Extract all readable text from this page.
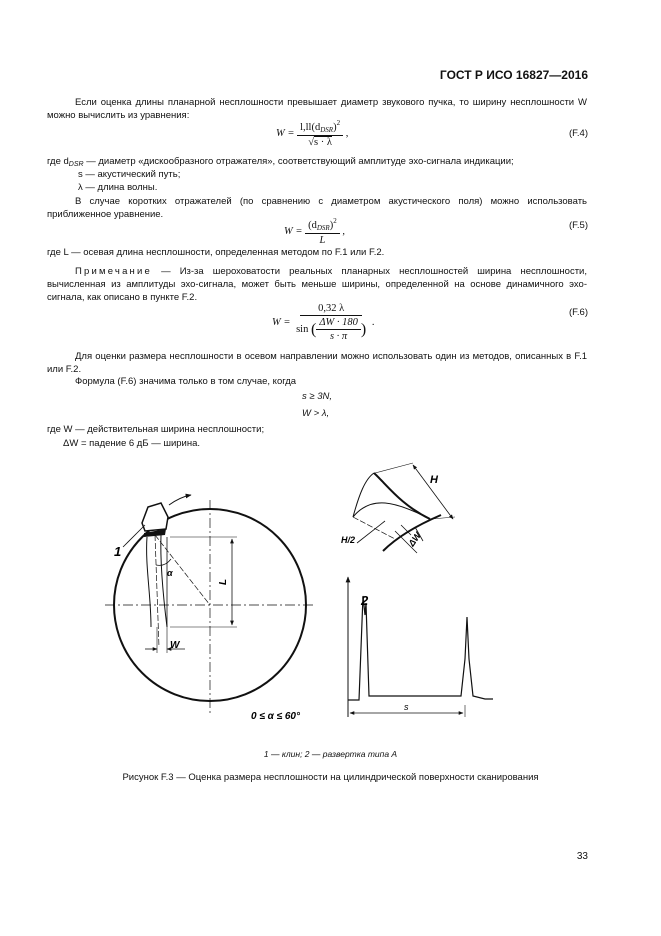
ГОСТ Р ИСО 16827—2016
Если оценка длины планарной несплошности превышает диаметр звукового пучка, то ширину несплошности W можно вычислить из уравнения:
$W = \frac{l,ll(d_{DSR})^2}{√s \cdot \lambda}$ ,	(F.4)
где $d_{DSR}$ — диаметр «дискообразного отражателя», соответствующий амплитуде эхо-сигнала индикации;
s — акустический путь;
λ — длина волны.
В случае коротких отражателей (по сравнению с диаметром акустического поля) можно использовать приближенное уравнение.
$W = \frac{(d_{DSR})^2}{L}$ ,
(F.5)
где L — осевая длина несплошности, определенная методом по F.1 или F.2.
Примечание — Из-за шероховатости реальных планарных несплошностей ширина несплошности, вычисленная из амплитуды эхо-сигнала, может быть меньше ширины, определенной на основе динамичного эхо-сигнала, как описано в пункте F.2.
$W = \frac{0,32 \lambda}{\sin ( \frac{\Delta W \cdot 180}{s \cdot \pi} )}$ .
(F.6)
Для оценки размера несплошности в осевом направлении можно использовать один из методов, описанных в F.1 или F.2.
Формула (F.6) значима только в том случае, когда
s ≥ 3N,
W > λ,
где W — действительная ширина несплошности;
ΔW = падение 6 дБ — ширина.
1
α
L
W
0 ≤ α ≤ 60°
H
H/2	ΔW
2
s
1 — клин; 2 — развертка типа A
Рисунок F.3 — Оценка размера несплошности на цилиндрической поверхности сканирования
33
